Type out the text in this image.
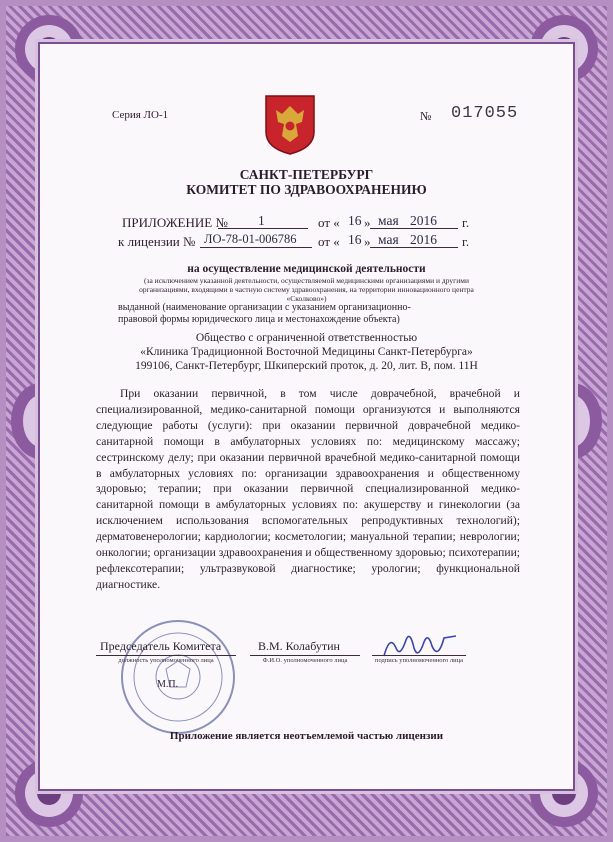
Серия ЛО-1	№ 017055
САНКТ-ПЕТЕРБУРГ
КОМИТЕТ ПО ЗДРАВООХРАНЕНИЮ
ПРИЛОЖЕНИЕ № 1	от « 16 » мая 2016 г.
к лицензии № ЛО-78-01-006786 от « 16 » мая 2016 г.
на осуществление медицинской деятельности
(за исключением указанной деятельности, осуществляемой медицинскими организациями и другими
организациями, входящими в частную систему здравоохранения, на территории инновационного центра
«Сколково»)
выданной (наименование организации с указанием организационно-
правовой формы юридического лица и местонахождение объекта)
Общество с ограниченной ответственностью
«Клиника Традиционной Восточной Медицины Санкт-Петербурга»
199106, Санкт-Петербург, Шкиперский проток, д. 20, лит. В, пом. 11Н

При оказании первичной, в том числе доврачебной, врачебной и специализированной, медико-санитарной помощи организуются и выполняются следующие работы (услуги): при оказании первичной доврачебной медико-санитарной помощи в амбулаторных условиях по: медицинскому массажу; сестринскому делу; при оказании первичной врачебной медико-санитарной помощи в амбулаторных условиях по: организации здравоохранения и общественному здоровью; терапии; при оказании первичной специализированной медико-санитарной помощи в амбулаторных условиях по: акушерству и гинекологии (за исключением использования вспомогательных репродуктивных технологий); дерматовенерологии; кардиологии; косметологии; мануальной терапии; неврологии; онкологии; организации здравоохранения и общественному здоровью; психотерапии; рефлексотерапии; ультразвуковой диагностике; урологии; функциональной диагностике.

Председатель Комитета
должность уполномоченного лица
В.М. Колабутин
Ф.И.О. уполномоченного лица	подпись уполномоченного лица
М.П.
Приложение является неотъемлемой частью лицензии
